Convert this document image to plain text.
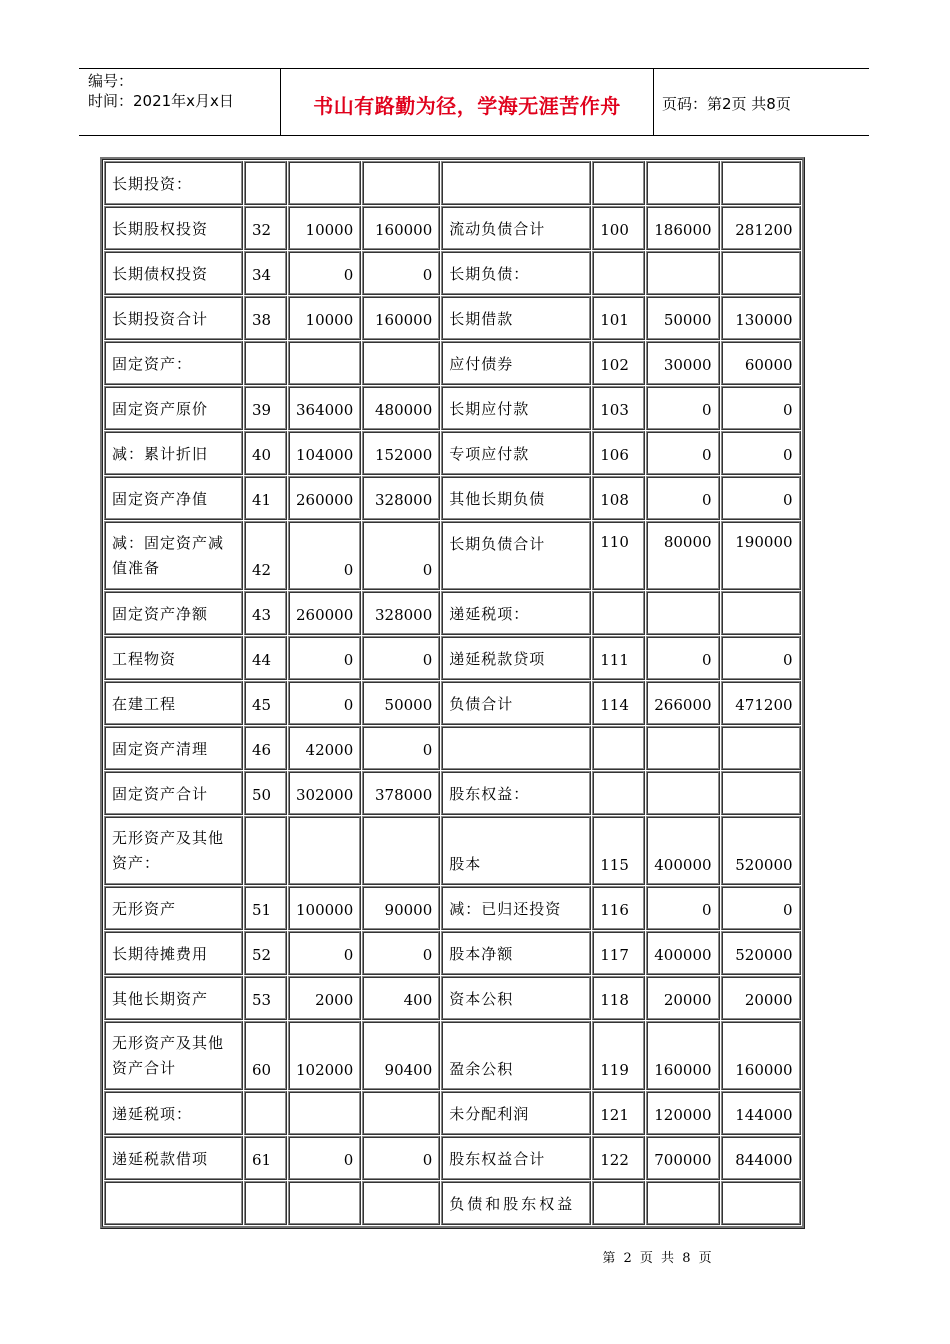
编号：
时间：2021年x月x日	书山有路勤为径，学海无涯苦作舟	页码：第2页 共8页
长期投资：							
长期股权投资	32	10000	160000	流动负债合计	100	186000	281200
长期债权投资	34	0	0	长期负债：			
长期投资合计	38	10000	160000	长期借款	101	50000	130000
固定资产：				应付债券	102	30000	60000
固定资产原价	39	364000	480000	长期应付款	103	0	0
减：累计折旧	40	104000	152000	专项应付款	106	0	0
固定资产净值	41	260000	328000	其他长期负债	108	0	0
减：固定资产减值准备	42	0	0	长期负债合计	110	80000	190000
固定资产净额	43	260000	328000	递延税项：			
工程物资	44	0	0	递延税款贷项	111	0	0
在建工程	45	0	50000	负债合计	114	266000	471200
固定资产清理	46	42000	0				
固定资产合计	50	302000	378000	股东权益：			
无形资产及其他资产：				股本	115	400000	520000
无形资产	51	100000	90000	减：已归还投资	116	0	0
长期待摊费用	52	0	0	股本净额	117	400000	520000
其他长期资产	53	2000	400	资本公积	118	20000	20000
无形资产及其他资产合计	60	102000	90400	盈余公积	119	160000	160000
递延税项：				未分配利润	121	120000	144000
递延税款借项	61	0	0	股东权益合计	122	700000	844000
				负债和股东权益			
第 2 页 共 8 页
